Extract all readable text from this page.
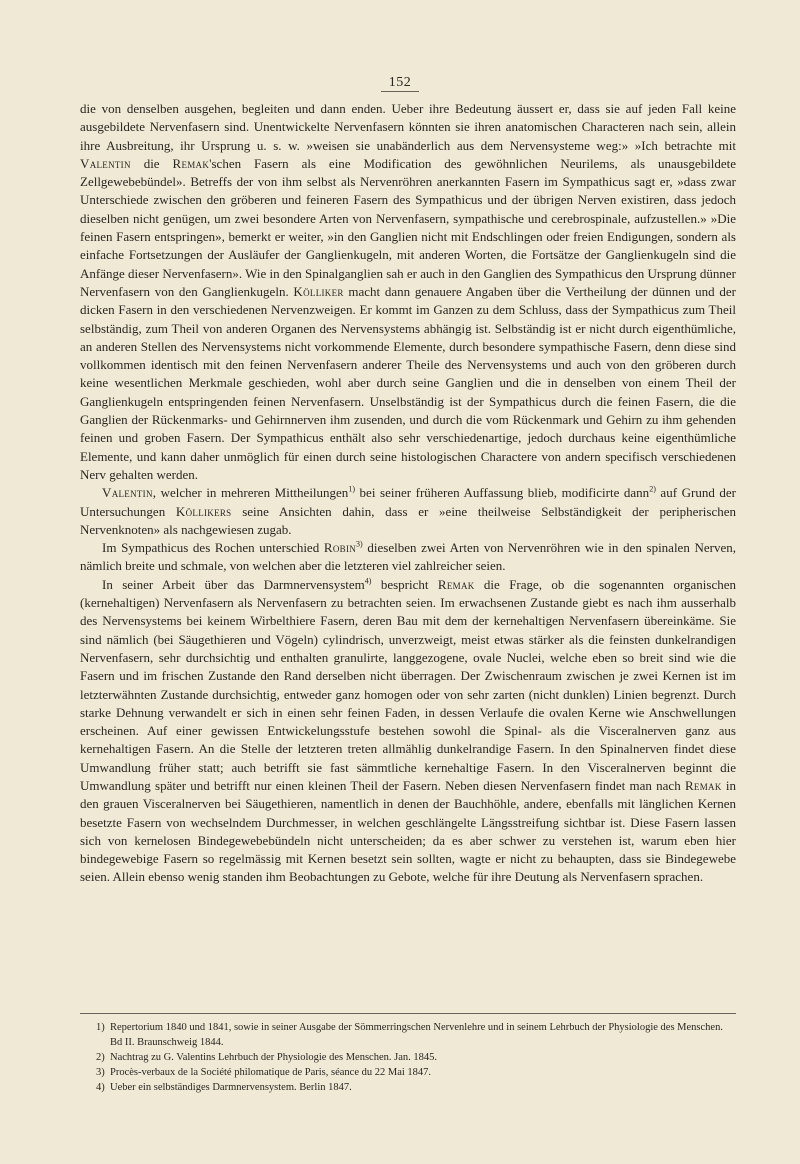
152

die von denselben ausgehen, begleiten und dann enden. Ueber ihre Bedeutung äussert er, dass sie auf jeden Fall keine ausgebildete Nervenfasern sind. Unentwickelte Nervenfasern könnten sie ihren anatomischen Characteren nach sein, allein ihre Ausbreitung, ihr Ursprung u. s. w. »weisen sie unabänderlich aus dem Nervensysteme weg:» »Ich betrachte mit Valentin die Remak'schen Fasern als eine Modification des gewöhnlichen Neurilems, als unausgebildete Zellgewebebündel». Betreffs der von ihm selbst als Nervenröhren anerkannten Fasern im Sympathicus sagt er, »dass zwar Unterschiede zwischen den gröberen und feineren Fasern des Sympathicus und der übrigen Nerven existiren, dass jedoch dieselben nicht genügen, um zwei besondere Arten von Nervenfasern, sympathische und cerebrospinale, aufzustellen.» »Die feinen Fasern entspringen», bemerkt er weiter, »in den Ganglien nicht mit Endschlingen oder freien Endigungen, sondern als einfache Fortsetzungen der Ausläufer der Ganglienkugeln, mit anderen Worten, die Fortsätze der Ganglienkugeln sind die Anfänge dieser Nervenfasern». Wie in den Spinalganglien sah er auch in den Ganglien des Sympathicus den Ursprung dünner Nervenfasern von den Ganglienkugeln. Kölliker macht dann genauere Angaben über die Vertheilung der dünnen und der dicken Fasern in den verschiedenen Nervenzweigen. Er kommt im Ganzen zu dem Schluss, dass der Sympathicus zum Theil selbständig, zum Theil von anderen Organen des Nervensystems abhängig ist. Selbständig ist er nicht durch eigenthümliche, an anderen Stellen des Nervensystems nicht vorkommende Elemente, durch besondere sympathische Fasern, denn diese sind vollkommen identisch mit den feinen Nervenfasern anderer Theile des Nervensystems und auch von den gröberen durch keine wesentlichen Merkmale geschieden, wohl aber durch seine Ganglien und die in denselben von einem Theil der Ganglienkugeln entspringenden feinen Nervenfasern. Unselbständig ist der Sympathicus durch die feinen Fasern, die die Ganglien der Rückenmarks- und Gehirnnerven ihm zusenden, und durch die vom Rückenmark und Gehirn zu ihm gehenden feinen und groben Fasern. Der Sympathicus enthält also sehr verschiedenartige, jedoch durchaus keine eigenthümliche Elemente, und kann daher unmöglich für einen durch seine histologischen Charactere von andern specifisch verschiedenen Nerv gehalten werden.

Valentin, welcher in mehreren Mittheilungen$^{1)}$ bei seiner früheren Auffassung blieb, modificirte dann$^{2)}$ auf Grund der Untersuchungen Köllikers seine Ansichten dahin, dass er »eine theilweise Selbständigkeit der peripherischen Nervenknoten» als nachgewiesen zugab.

Im Sympathicus des Rochen unterschied Robin$^{3)}$ dieselben zwei Arten von Nervenröhren wie in den spinalen Nerven, nämlich breite und schmale, von welchen aber die letzteren viel zahlreicher seien.

In seiner Arbeit über das Darmnervensystem$^{4)}$ bespricht Remak die Frage, ob die sogenannten organischen (kernehaltigen) Nervenfasern als Nervenfasern zu betrachten seien. Im erwachsenen Zustande giebt es nach ihm ausserhalb des Nervensystems bei keinem Wirbelthiere Fasern, deren Bau mit dem der kernehaltigen Nervenfasern übereinkäme. Sie sind nämlich (bei Säugethieren und Vögeln) cylindrisch, unverzweigt, meist etwas stärker als die feinsten dunkelrandigen Nervenfasern, sehr durchsichtig und enthalten granulirte, langgezogene, ovale Nuclei, welche eben so breit sind wie die Fasern und im frischen Zustande den Rand derselben nicht überragen. Der Zwischenraum zwischen je zwei Kernen ist im letzterwähnten Zustande durchsichtig, entweder ganz homogen oder von sehr zarten (nicht dunklen) Linien begrenzt. Durch starke Dehnung verwandelt er sich in einen sehr feinen Faden, in dessen Verlaufe die ovalen Kerne wie Anschwellungen erscheinen. Auf einer gewissen Entwickelungsstufe bestehen sowohl die Spinal- als die Visceralnerven ganz aus kernehaltigen Fasern. An die Stelle der letzteren treten allmählig dunkelrandige Fasern. In den Spinalnerven findet diese Umwandlung früher statt; auch betrifft sie fast sämmtliche kernehaltige Fasern. In den Visceralnerven beginnt die Umwandlung später und betrifft nur einen kleinen Theil der Fasern. Neben diesen Nervenfasern findet man nach Remak in den grauen Visceralnerven bei Säugethieren, namentlich in denen der Bauchhöhle, andere, ebenfalls mit länglichen Kernen besetzte Fasern von wechselndem Durchmesser, in welchen geschlängelte Längsstreifung sichtbar ist. Diese Fasern lassen sich von kernelosen Bindegewebebündeln nicht unterscheiden; da es aber schwer zu verstehen ist, warum eben hier bindegewebige Fasern so regelmässig mit Kernen besetzt sein sollten, wagte er nicht zu behaupten, dass sie Bindegewebe seien. Allein ebenso wenig standen ihm Beobachtungen zu Gebote, welche für ihre Deutung als Nervenfasern sprachen.

1) Repertorium 1840 und 1841, sowie in seiner Ausgabe der Sömmerringschen Nervenlehre und in seinem Lehrbuch der Physiologie des Menschen. Bd II. Braunschweig 1844.
2) Nachtrag zu G. Valentins Lehrbuch der Physiologie des Menschen. Jan. 1845.
3) Procès-verbaux de la Société philomatique de Paris, séance du 22 Mai 1847.
4) Ueber ein selbständiges Darmnervensystem. Berlin 1847.
